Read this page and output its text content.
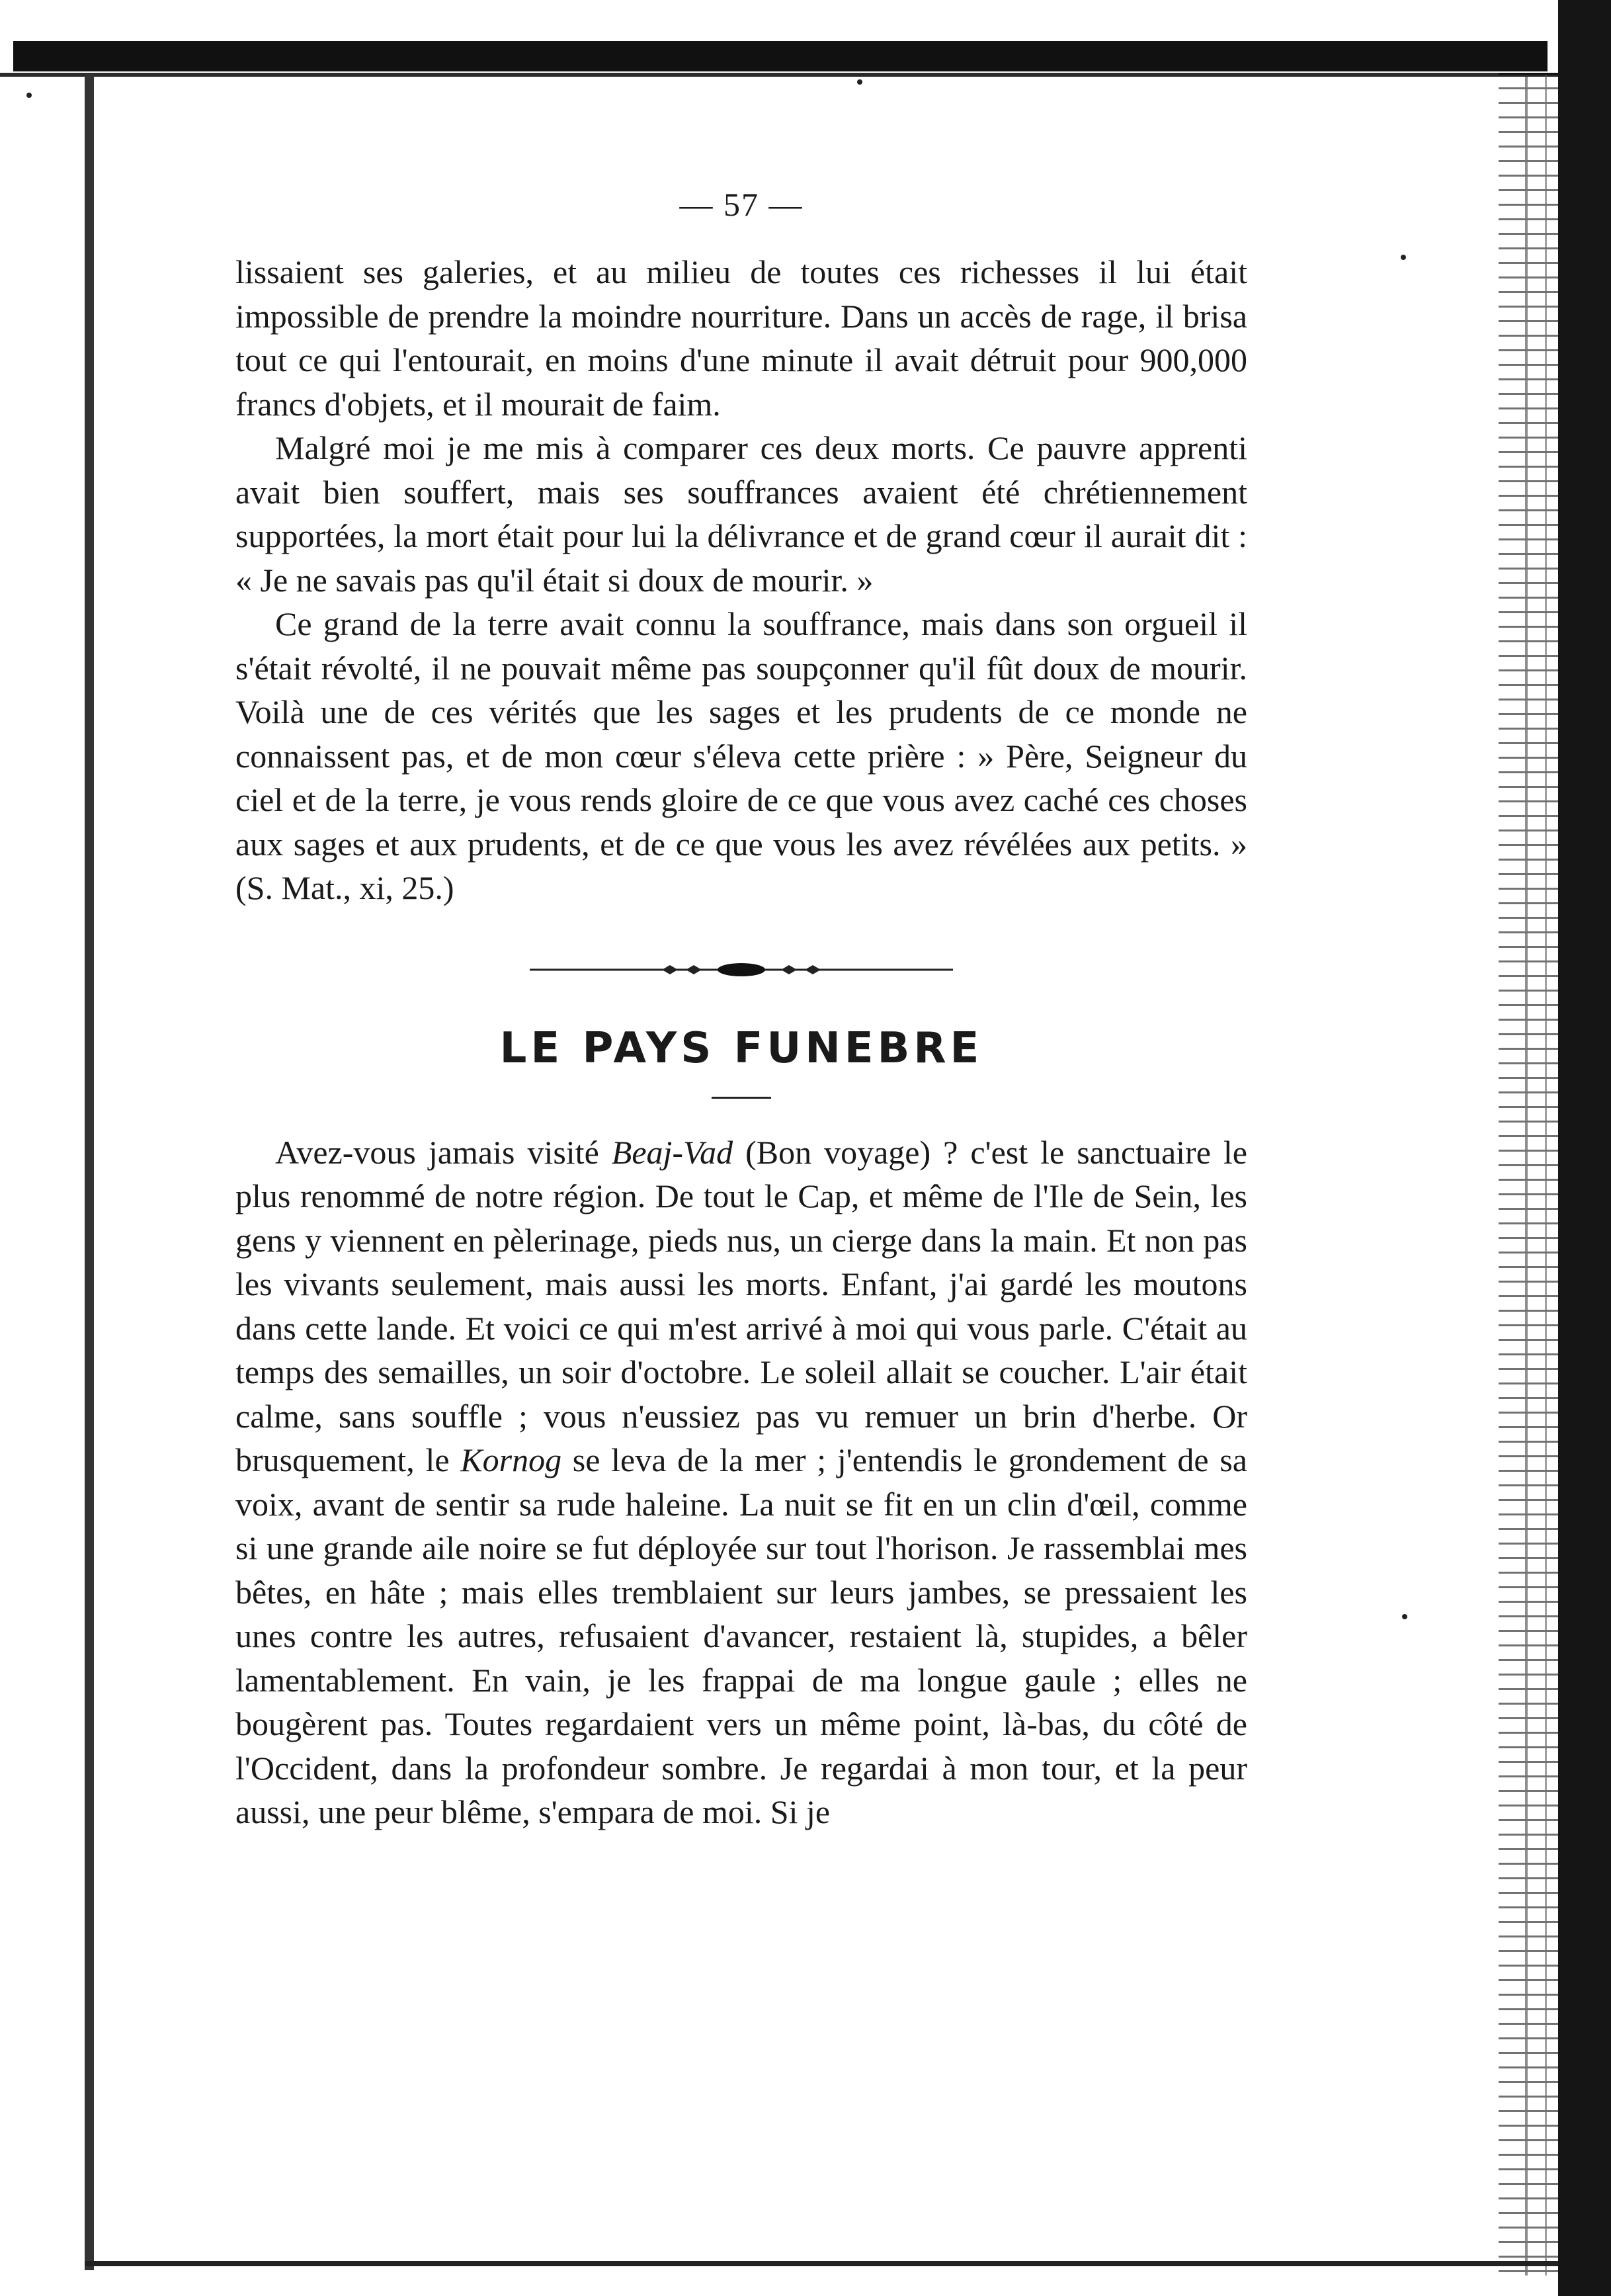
— 57 —

lissaient ses galeries, et au milieu de toutes ces richesses il lui était impossible de prendre la moindre nourriture. Dans un accès de rage, il brisa tout ce qui l'entourait, en moins d'une minute il avait détruit pour 900,000 francs d'objets, et il mourait de faim.

Malgré moi je me mis à comparer ces deux morts. Ce pauvre apprenti avait bien souffert, mais ses souffrances avaient été chrétiennement supportées, la mort était pour lui la délivrance et de grand cœur il aurait dit : « Je ne savais pas qu'il était si doux de mourir. »

Ce grand de la terre avait connu la souffrance, mais dans son orgueil il s'était révolté, il ne pouvait même pas soupçonner qu'il fût doux de mourir. Voilà une de ces vérités que les sages et les prudents de ce monde ne connaissent pas, et de mon cœur s'éleva cette prière : » Père, Seigneur du ciel et de la terre, je vous rends gloire de ce que vous avez caché ces choses aux sages et aux prudents, et de ce que vous les avez révélées aux petits. » (S. Mat., xi, 25.)

LE PAYS FUNEBRE

Avez-vous jamais visité Beaj-Vad (Bon voyage) ? c'est le sanctuaire le plus renommé de notre région. De tout le Cap, et même de l'Ile de Sein, les gens y viennent en pèlerinage, pieds nus, un cierge dans la main. Et non pas les vivants seulement, mais aussi les morts. Enfant, j'ai gardé les moutons dans cette lande. Et voici ce qui m'est arrivé à moi qui vous parle. C'était au temps des semailles, un soir d'octobre. Le soleil allait se coucher. L'air était calme, sans souffle ; vous n'eussiez pas vu remuer un brin d'herbe. Or brusquement, le Kornog se leva de la mer ; j'entendis le grondement de sa voix, avant de sentir sa rude haleine. La nuit se fit en un clin d'œil, comme si une grande aile noire se fut déployée sur tout l'horison. Je rassemblai mes bêtes, en hâte ; mais elles tremblaient sur leurs jambes, se pressaient les unes contre les autres, refusaient d'avancer, restaient là, stupides, a bêler lamentablement. En vain, je les frappai de ma longue gaule ; elles ne bougèrent pas. Toutes regardaient vers un même point, là-bas, du côté de l'Occident, dans la profondeur sombre. Je regardai à mon tour, et la peur aussi, une peur blême, s'empara de moi. Si je
